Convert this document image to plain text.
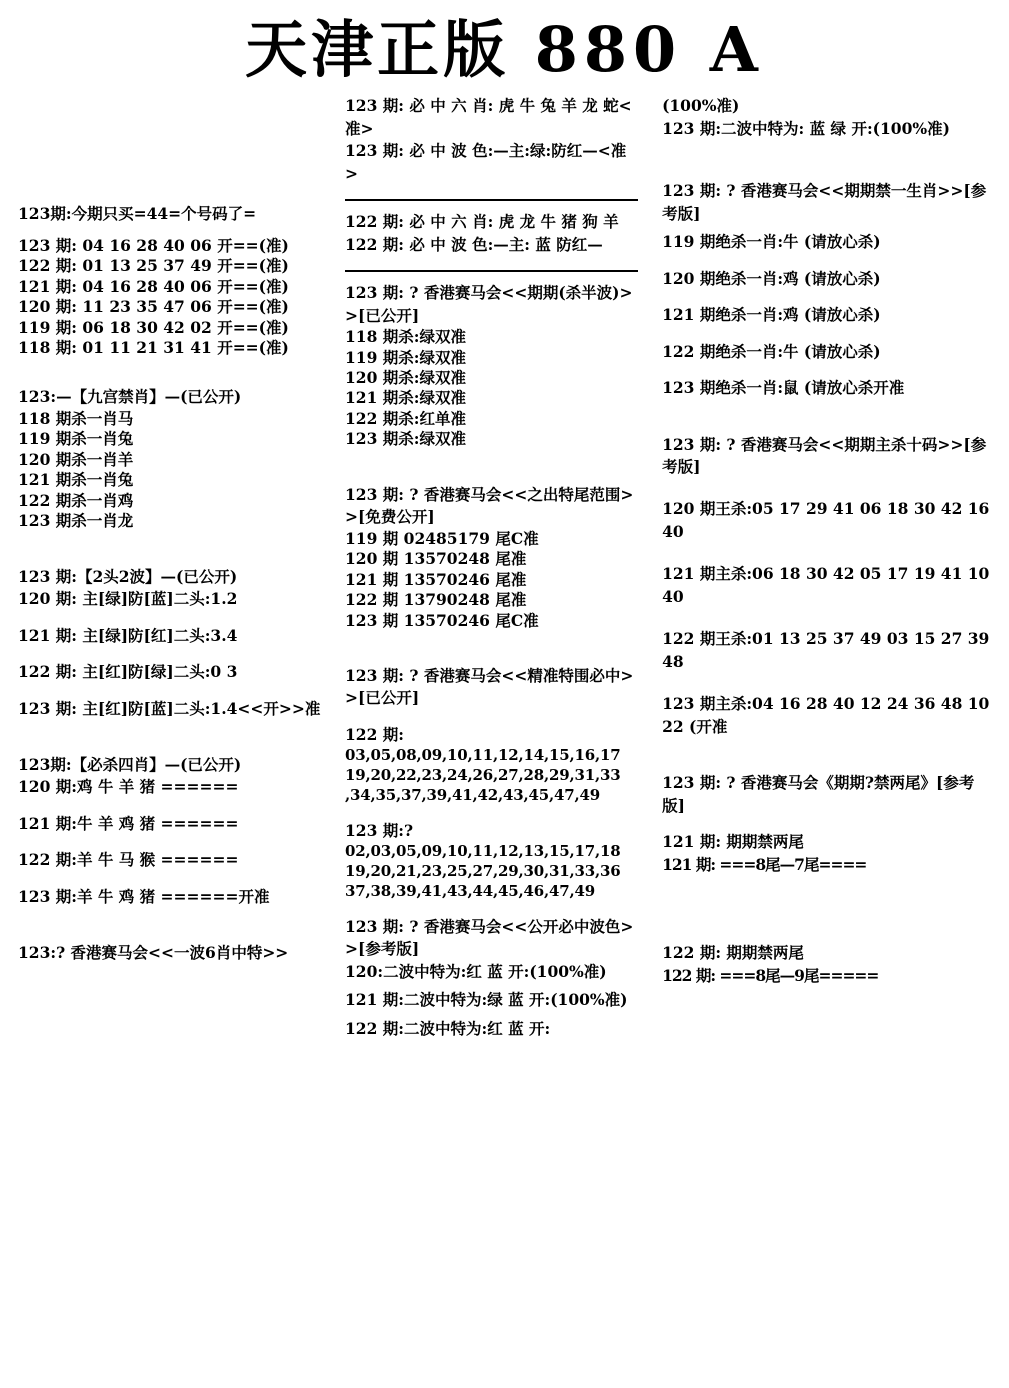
天津正版 880 A
123期:今期只买=44=个号码了=
123 期: 04 16 28 40 06 开==(准)
122 期: 01 13 25 37 49 开==(准)
121 期: 04 16 28 40 06 开==(准)
120 期: 11 23 35 47 06 开==(准)
119 期: 06 18 30 42 02 开==(准)
118 期: 01 11 21 31 41 开==(准)
123:—【九宫禁肖】—(已公开)
118 期杀一肖马
119 期杀一肖兔
120 期杀一肖羊
121 期杀一肖兔
122 期杀一肖鸡
123 期杀一肖龙
123 期:【2头2波】—(已公开)
120 期: 主[绿]防[蓝]二头:1.2
121 期: 主[绿]防[红]二头:3.4
122 期: 主[红]防[绿]二头:0 3
123 期: 主[红]防[蓝]二头:1.4<<开>>准
123期:【必杀四肖】—(已公开)
120 期:鸡 牛 羊 猪 ======
121 期:牛 羊 鸡 猪 ======
122 期:羊 牛 马 猴 ======
123 期:羊 牛 鸡 猪 ======开准
123:? 香港赛马会<<一波6肖中特>>
123 期: 必 中 六 肖: 虎 牛 兔 羊 龙 蛇<准>
123 期: 必 中 波 色:—主:绿:防红—<准>
122 期: 必 中 六 肖: 虎 龙 牛 猪 狗 羊
122 期: 必 中 波 色:—主: 蓝 防红—
123 期: ? 香港赛马会<<期期(杀半波)>>[已公开]
118 期杀:绿双准
119 期杀:绿双准
120 期杀:绿双准
121 期杀:绿双准
122 期杀:红单准
123 期杀:绿双准
123 期: ? 香港赛马会<<之出特尾范围>>[免费公开]
119 期 02485179 尾C准
120 期 13570248 尾准
121 期 13570246 尾准
122 期 13790248 尾准
123 期 13570246 尾C准
123 期: ? 香港赛马会<<精准特围必中>>[已公开]
122 期:
03,05,08,09,10,11,12,14,15,16,17
19,20,22,23,24,26,27,28,29,31,33
,34,35,37,39,41,42,43,45,47,49
123 期:?
02,03,05,09,10,11,12,13,15,17,18
19,20,21,23,25,27,29,30,31,33,36
37,38,39,41,43,44,45,46,47,49
123 期: ? 香港赛马会<<公开必中波色>>[参考版]
120:二波中特为:红 蓝 开:(100%准)
121 期:二波中特为:绿 蓝 开:(100%准)
122 期:二波中特为:红 蓝 开:
(100%准)
123 期:二波中特为: 蓝 绿 开:(100%准)
123 期: ? 香港赛马会<<期期禁一生肖>>[参考版]
119 期绝杀一肖:牛 (请放心杀)
120 期绝杀一肖:鸡 (请放心杀)
121 期绝杀一肖:鸡 (请放心杀)
122 期绝杀一肖:牛 (请放心杀)
123 期绝杀一肖:鼠 (请放心杀开准
123 期: ? 香港赛马会<<期期主杀十码>>[参考版]
120 期王杀:05 17 29 41 06 18 30 42 16 40
121 期主杀:06 18 30 42 05 17 19 41 10 40
122 期王杀:01 13 25 37 49 03 15 27 39 48
123 期主杀:04 16 28 40 12 24 36 48 10 22 (开准
123 期: ? 香港赛马会《期期?禁两尾》[参考版]
121 期: 期期禁两尾
121 期: ===8尾—7尾====
122 期: 期期禁两尾
122 期: ===8尾—9尾=====
